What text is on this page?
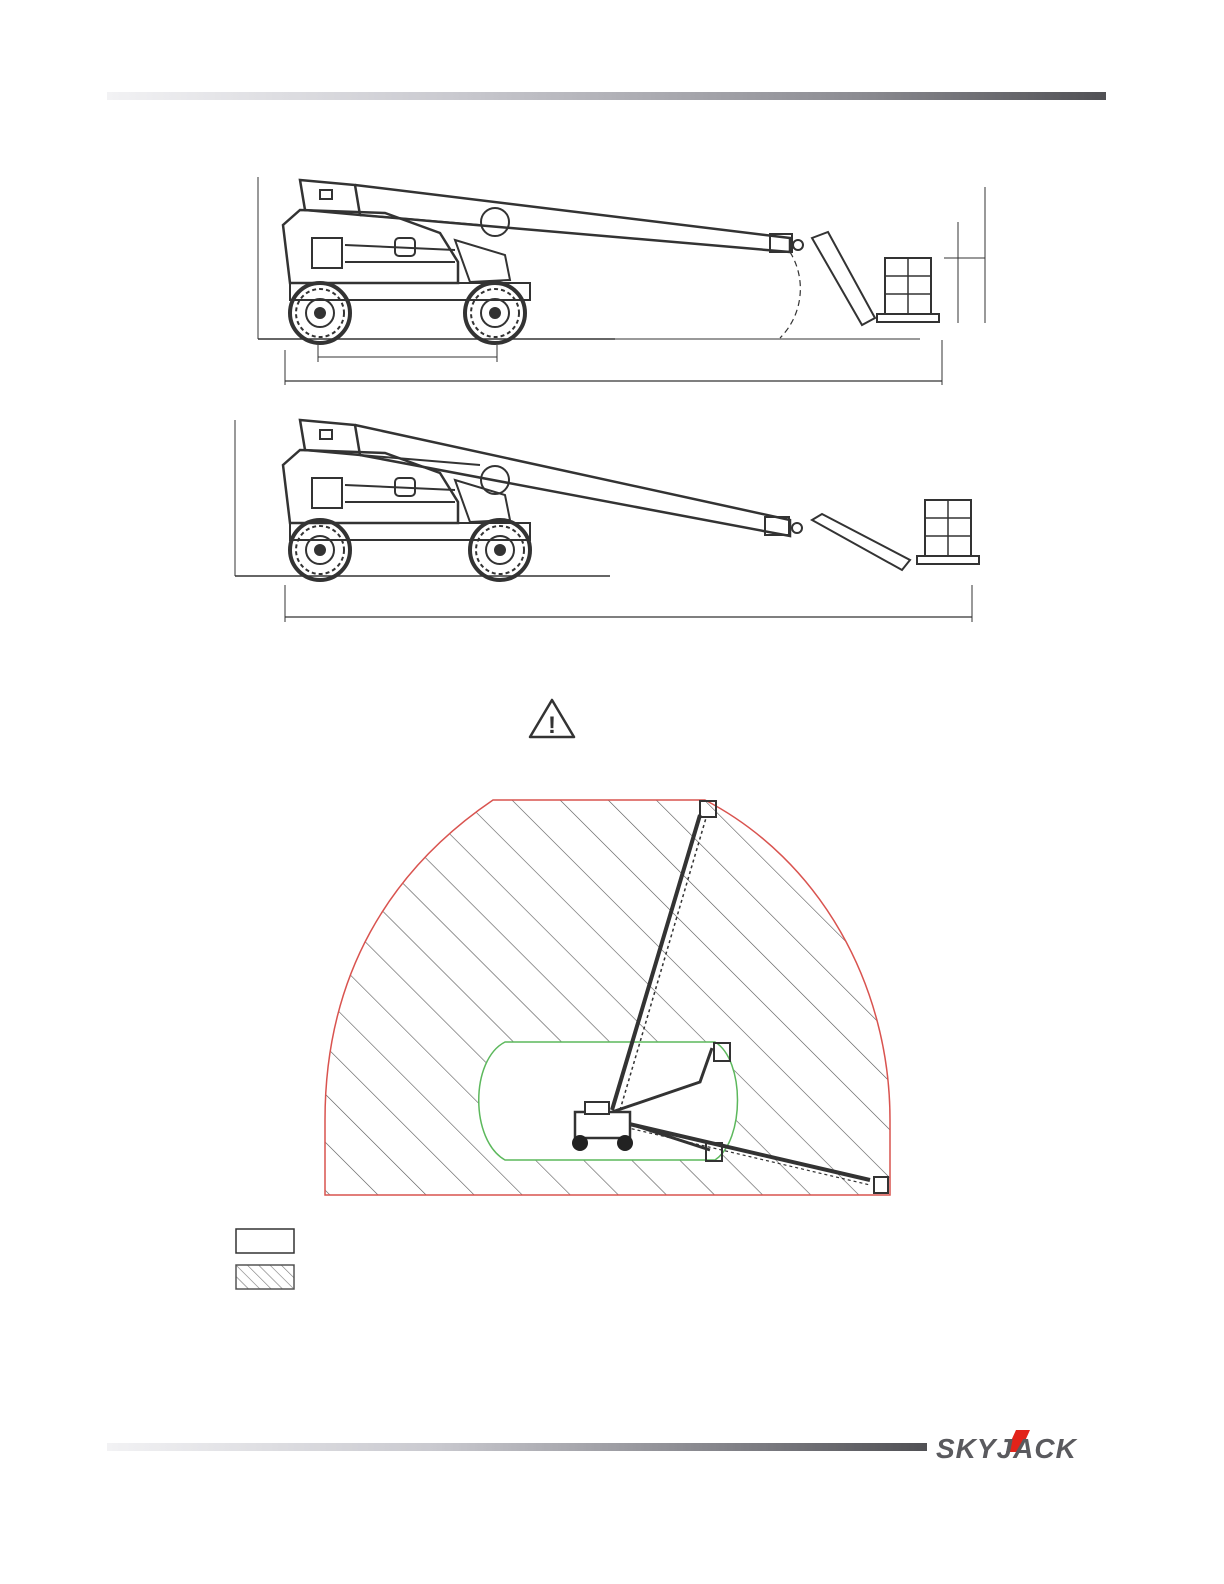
!
SKYJACK
